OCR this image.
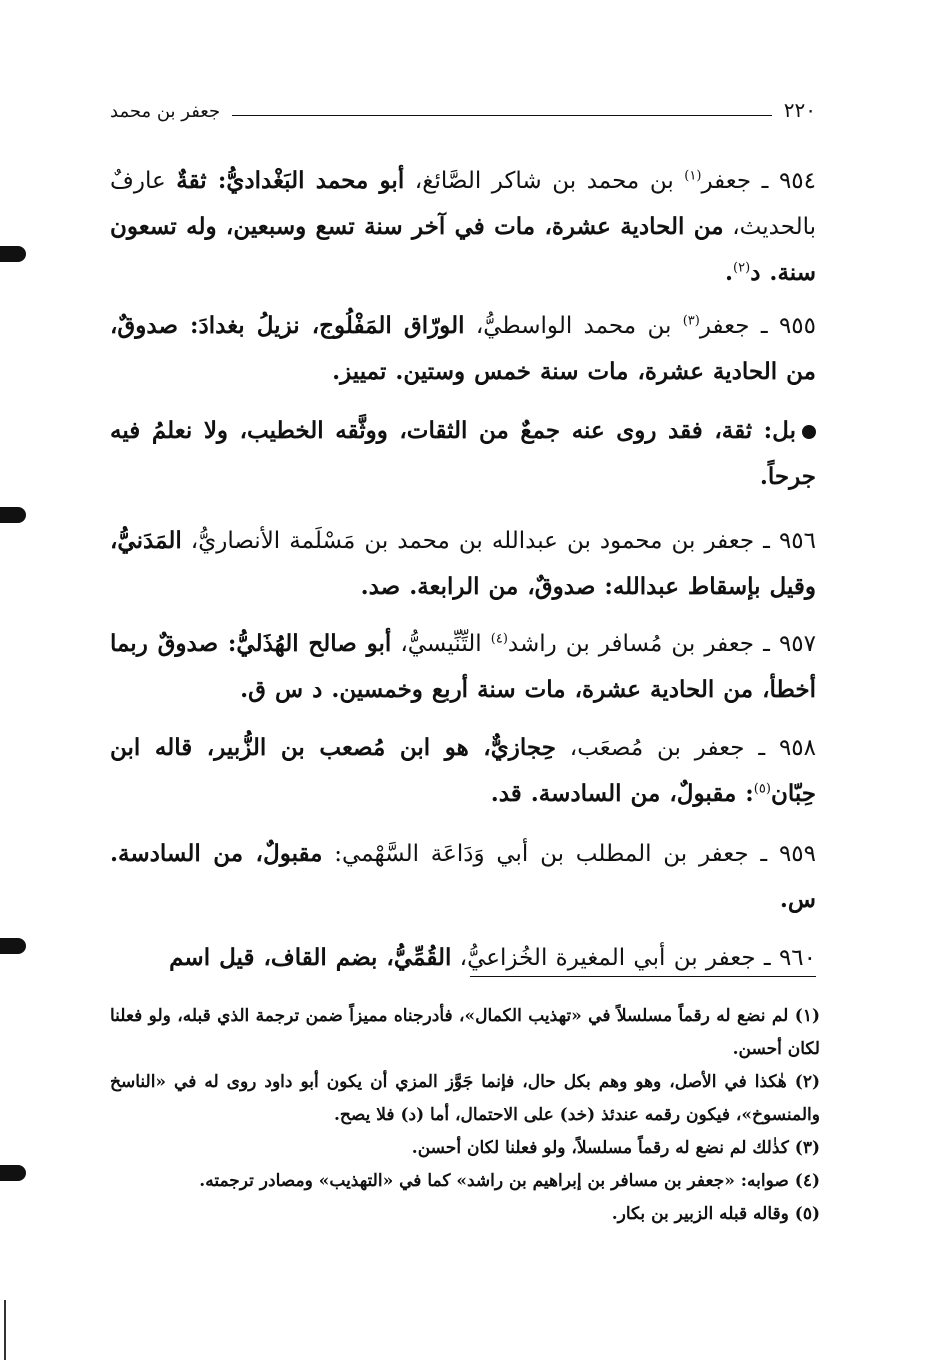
٢٢٠
جعفر بن محمد

٩٥٤ ـ جعفر$^{(١)}$ بن محمد بن شاكر الصَّائغ، أبو محمد البَغْداديُّ: ثقةٌ عارفٌ بالحديث، من الحادية عشرة، مات في آخر سنة تسع وسبعين، وله تسعون سنة. د$^{(٢)}$.

٩٥٥ ـ جعفر$^{(٣)}$ بن محمد الواسطيُّ، الورّاق المَفْلُوج، نزيلُ بغدادَ: صدوقٌ، من الحادية عشرة، مات سنة خمس وستين. تمييز.

بل: ثقة، فقد روى عنه جمعٌ من الثقات، ووثَّقه الخطيب، ولا نعلمُ فيه جرحاً.

٩٥٦ ـ جعفر بن محمود بن عبدالله بن محمد بن مَسْلَمة الأنصاريُّ، المَدَنيُّ، وقيل بإسقاط عبدالله: صدوقٌ، من الرابعة. صد.

٩٥٧ ـ جعفر بن مُسافر بن راشد$^{(٤)}$ التِّنِّيسيُّ، أبو صالح الهُذَليُّ: صدوقٌ ربما أخطأ، من الحادية عشرة، مات سنة أربع وخمسين. د س ق.

٩٥٨ ـ جعفر بن مُصعَب، حِجازيٌّ، هو ابن مُصعب بن الزُّبير، قاله ابن حِبّان$^{(٥)}$: مقبولٌ، من السادسة. قد.

٩٥٩ ـ جعفر بن المطلب بن أبي وَدَاعَة السَّهْمي: مقبولٌ، من السادسة. س.

٩٦٠ ـ جعفر بن أبي المغيرة الخُزاعيُّ، القُمِّيُّ، بضم القاف، قيل اسم

(١) لم نضع له رقماً مسلسلاً في «تهذيب الكمال»، فأدرجناه مميزاً ضمن ترجمة الذي قبله، ولو فعلنا لكان أحسن.
(٢) هٰكذا في الأصل، وهو وهم بكل حال، فإنما جَوَّز المزي أن يكون أبو داود روى له في «الناسخ والمنسوخ»، فيكون رقمه عندئذ (خد) على الاحتمال، أما (د) فلا يصح.
(٣) كذٰلك لم نضع له رقماً مسلسلاً، ولو فعلنا لكان أحسن.
(٤) صوابه: «جعفر بن مسافر بن إبراهيم بن راشد» كما في «التهذيب» ومصادر ترجمته.
(٥) وقاله قبله الزبير بن بكار.
